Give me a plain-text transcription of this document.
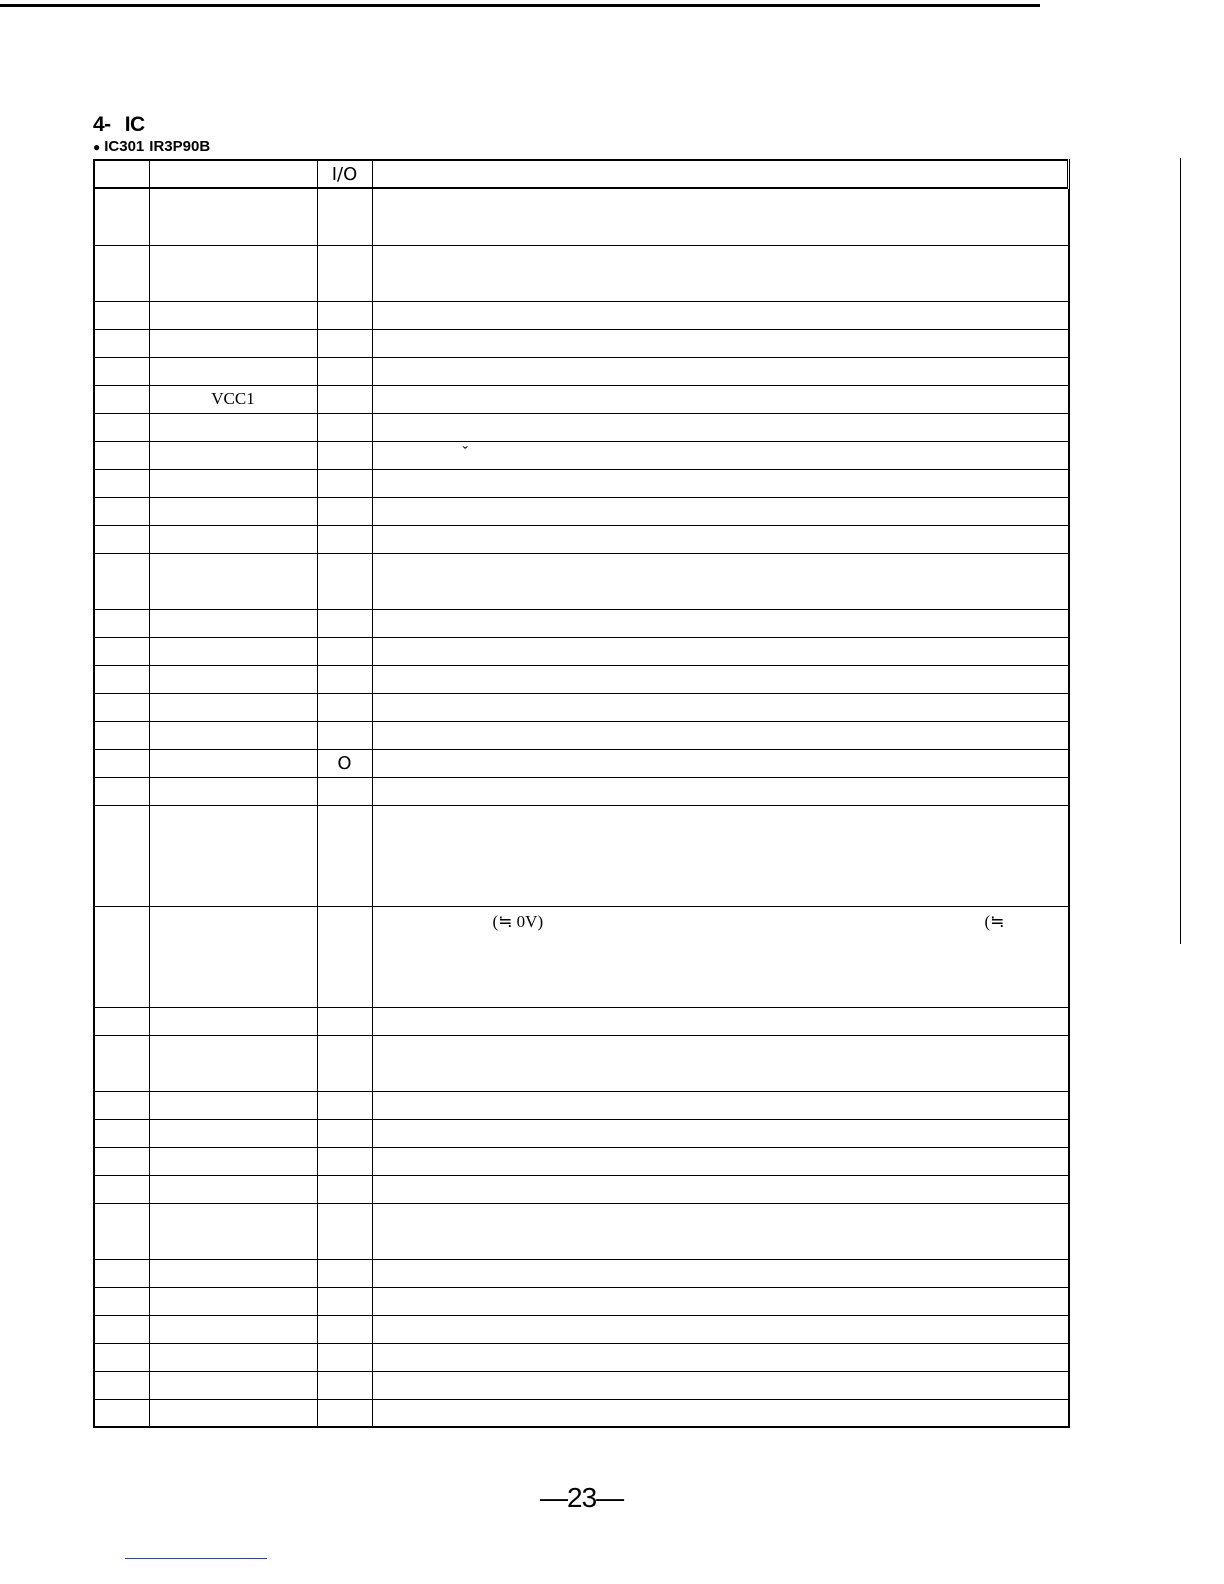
4- IC
● IC301 IR3P90B
		I/O	

	VCC1		

			ˇ

		O	

			(≒ 0V) (≒

—23—
